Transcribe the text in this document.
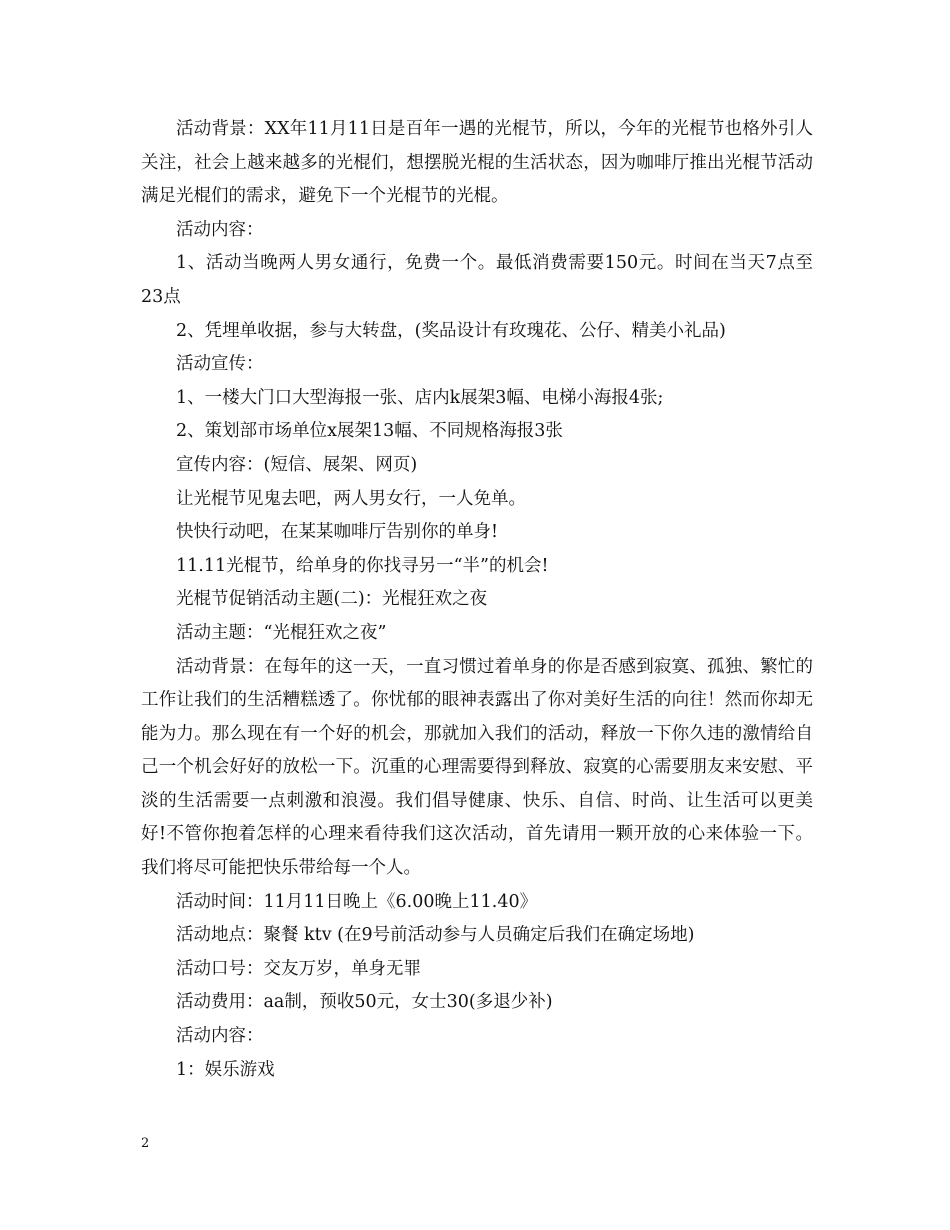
活动背景：XX年11月11日是百年一遇的光棍节，所以，今年的光棍节也格外引人关注，社会上越来越多的光棍们，想摆脱光棍的生活状态，因为咖啡厅推出光棍节活动满足光棍们的需求，避免下一个光棍节的光棍。

活动内容：

1、活动当晚两人男女通行，免费一个。最低消费需要150元。时间在当天7点至23点

2、凭埋单收据，参与大转盘，(奖品设计有玫瑰花、公仔、精美小礼品)

活动宣传：

1、一楼大门口大型海报一张、店内k展架3幅、电梯小海报4张;

2、策划部市场单位x展架13幅、不同规格海报3张

宣传内容：(短信、展架、网页)

让光棍节见鬼去吧，两人男女行，一人免单。

快快行动吧，在某某咖啡厅告别你的单身!

11.11光棍节，给单身的你找寻另一“半”的机会!

光棍节促销活动主题(二)：光棍狂欢之夜

活动主题：“光棍狂欢之夜”

活动背景：在每年的这一天，一直习惯过着单身的你是否感到寂寞、孤独、繁忙的工作让我们的生活糟糕透了。你忧郁的眼神表露出了你对美好生活的向往！然而你却无能为力。那么现在有一个好的机会，那就加入我们的活动，释放一下你久违的激情给自己一个机会好好的放松一下。沉重的心理需要得到释放、寂寞的心需要朋友来安慰、平淡的生活需要一点刺激和浪漫。我们倡导健康、快乐、自信、时尚、让生活可以更美好!不管你抱着怎样的心理来看待我们这次活动，首先请用一颗开放的心来体验一下。我们将尽可能把快乐带给每一个人。

活动时间：11月11日晚上《6.00晚上11.40》

活动地点：聚餐 ktv (在9号前活动参与人员确定后我们在确定场地)

活动口号：交友万岁，单身无罪

活动费用：aa制，预收50元，女士30(多退少补)

活动内容：

1：娱乐游戏

2
